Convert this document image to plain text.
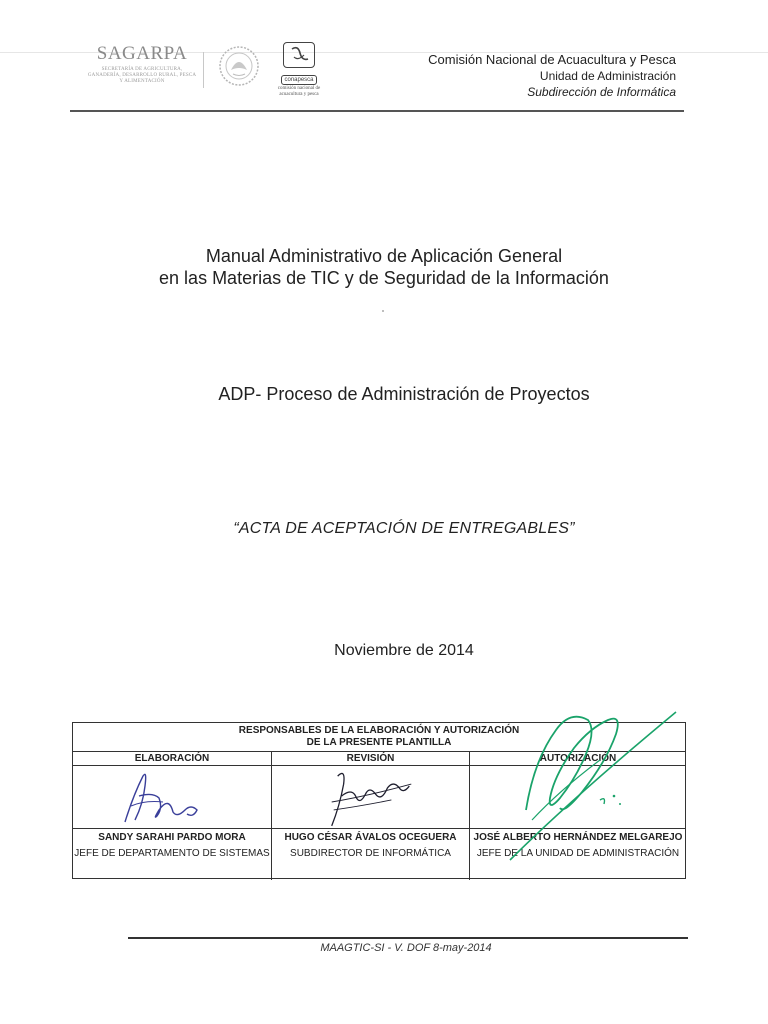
SAGARPA
SECRETARÍA DE AGRICULTURA, GANADERÍA, DESARROLLO RURAL, PESCA Y ALIMENTACIÓN	conapesca
comisión nacional de acuacultura y pesca
Comisión Nacional de Acuacultura y Pesca
Unidad de Administración
Subdirección de Informática
Manual Administrativo de Aplicación General
en las Materias de TIC y de Seguridad de la Información
ADP- Proceso de Administración de Proyectos
“ACTA DE ACEPTACIÓN DE ENTREGABLES”
Noviembre de 2014
RESPONSABLES DE LA ELABORACIÓN Y AUTORIZACIÓN
DE LA PRESENTE PLANTILLA
ELABORACIÓN
SANDY SARAHI PARDO MORA
JEFE DE DEPARTAMENTO DE SISTEMAS
REVISIÓN
HUGO CÉSAR ÁVALOS OCEGUERA
SUBDIRECTOR DE INFORMÁTICA
AUTORIZACIÓN
JOSÉ ALBERTO HERNÁNDEZ MELGAREJO
JEFE DE LA UNIDAD DE ADMINISTRACIÓN
MAAGTIC-SI - V. DOF 8-may-2014
